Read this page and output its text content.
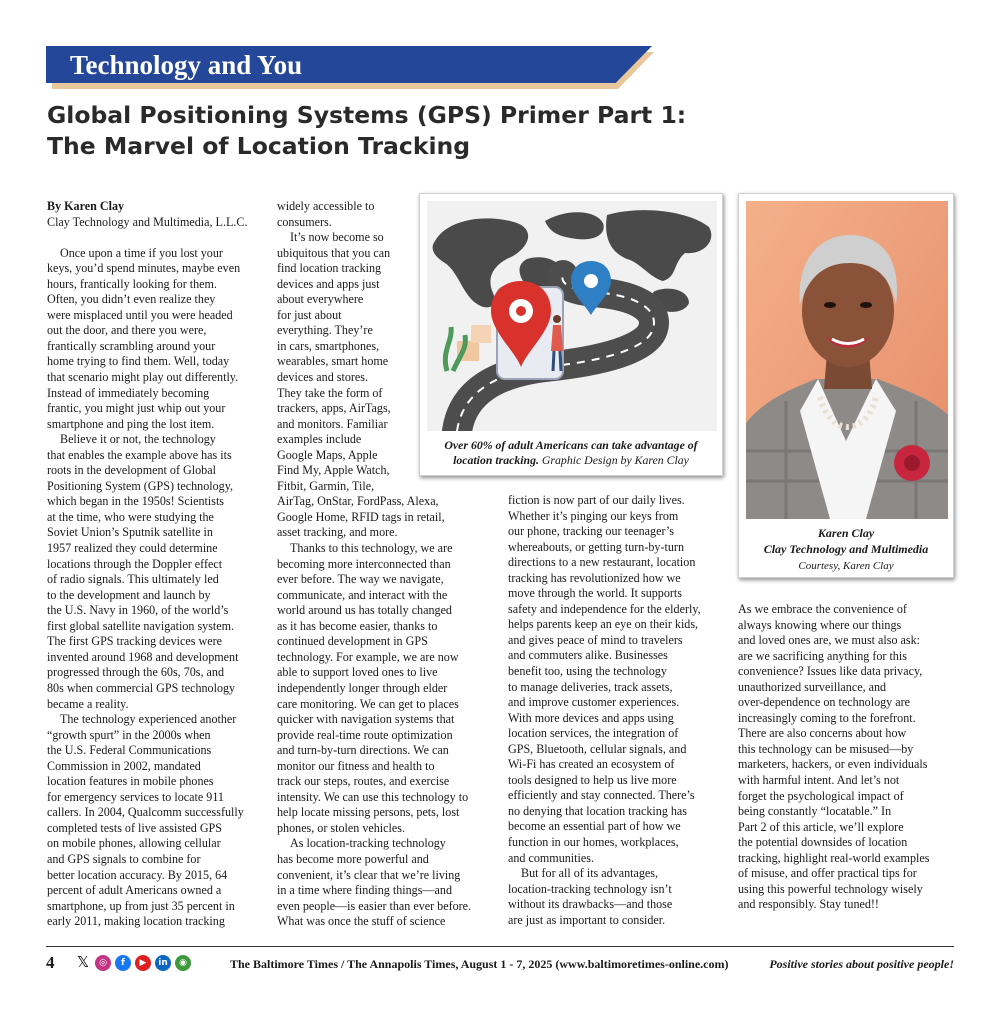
Technology and You
Global Positioning Systems (GPS) Primer Part 1:
The Marvel of Location Tracking
By Karen Clay
Clay Technology and Multimedia, L.L.C.
Once upon a time if you lost your
keys, you’d spend minutes, maybe even
hours, frantically looking for them.
Often, you didn’t even realize they
were misplaced until you were headed
out the door, and there you were,
frantically scrambling around your
home trying to find them. Well, today
that scenario might play out differently.
Instead of immediately becoming
frantic, you might just whip out your
smartphone and ping the lost item.
Believe it or not, the technology
that enables the example above has its
roots in the development of Global
Positioning System (GPS) technology,
which began in the 1950s! Scientists
at the time, who were studying the
Soviet Union’s Sputnik satellite in
1957 realized they could determine
locations through the Doppler effect
of radio signals. This ultimately led
to the development and launch by
the U.S. Navy in 1960, of the world’s
first global satellite navigation system.
The first GPS tracking devices were
invented around 1968 and development
progressed through the 60s, 70s, and
80s when commercial GPS technology
became a reality.
The technology experienced another
“growth spurt” in the 2000s when
the U.S. Federal Communications
Commission in 2002, mandated
location features in mobile phones
for emergency services to locate 911
callers. In 2004, Qualcomm successfully
completed tests of live assisted GPS
on mobile phones, allowing cellular
and GPS signals to combine for
better location accuracy. By 2015, 64
percent of adult Americans owned a
smartphone, up from just 35 percent in
early 2011, making location tracking
widely accessible to
consumers.
It’s now become so
ubiquitous that you can
find location tracking
devices and apps just
about everywhere
for just about
everything. They’re
in cars, smartphones,
wearables, smart home
devices and stores.
They take the form of
trackers, apps, AirTags,
and monitors. Familiar
examples include
Google Maps, Apple
Find My, Apple Watch,
Fitbit, Garmin, Tile,
AirTag, OnStar, FordPass, Alexa,
Google Home, RFID tags in retail,
asset tracking, and more.
Thanks to this technology, we are
becoming more interconnected than
ever before. The way we navigate,
communicate, and interact with the
world around us has totally changed
as it has become easier, thanks to
continued development in GPS
technology. For example, we are now
able to support loved ones to live
independently longer through elder
care monitoring. We can get to places
quicker with navigation systems that
provide real-time route optimization
and turn-by-turn directions. We can
monitor our fitness and health to
track our steps, routes, and exercise
intensity. We can use this technology to
help locate missing persons, pets, lost
phones, or stolen vehicles.
As location-tracking technology
has become more powerful and
convenient, it’s clear that we’re living
in a time where finding things—and
even people—is easier than ever before.
What was once the stuff of science
fiction is now part of our daily lives.
Whether it’s pinging our keys from
our phone, tracking our teenager’s
whereabouts, or getting turn-by-turn
directions to a new restaurant, location
tracking has revolutionized how we
move through the world. It supports
safety and independence for the elderly,
helps parents keep an eye on their kids,
and gives peace of mind to travelers
and commuters alike. Businesses
benefit too, using the technology
to manage deliveries, track assets,
and improve customer experiences.
With more devices and apps using
location services, the integration of
GPS, Bluetooth, cellular signals, and
Wi-Fi has created an ecosystem of
tools designed to help us live more
efficiently and stay connected. There’s
no denying that location tracking has
become an essential part of how we
function in our homes, workplaces,
and communities.
But for all of its advantages,
location-tracking technology isn’t
without its drawbacks—and those
are just as important to consider.
As we embrace the convenience of
always knowing where our things
and loved ones are, we must also ask:
are we sacrificing anything for this
convenience? Issues like data privacy,
unauthorized surveillance, and
over-dependence on technology are
increasingly coming to the forefront.
There are also concerns about how
this technology can be misused—by
marketers, hackers, or even individuals
with harmful intent. And let’s not
forget the psychological impact of
being constantly “locatable.” In
Part 2 of this article, we’ll explore
the potential downsides of location
tracking, highlight real-world examples
of misuse, and offer practical tips for
using this powerful technology wisely
and responsibly. Stay tuned!!
Over 60% of adult Americans can take advantage of
location tracking. Graphic Design by Karen Clay
Karen Clay
Clay Technology and Multimedia
Courtesy, Karen Clay
4 𝕏	◎	f	▶	in	◉	The Baltimore Times / The Annapolis Times, August 1 - 7, 2025 (www.baltimoretimes-online.com)	Positive stories about positive people!
